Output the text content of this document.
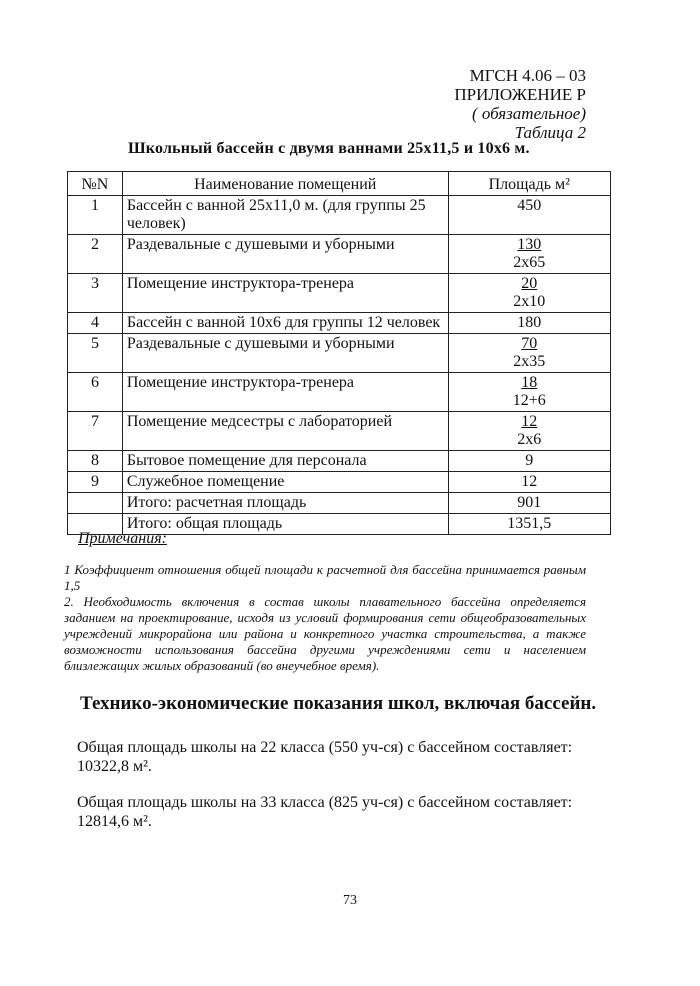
МГСН 4.06 – 03
ПРИЛОЖЕНИЕ Р
( обязательное)
Таблица 2
Школьный бассейн с двумя ваннами 25х11,5 и 10х6 м.
№N	Наименование помещений	Площадь м²
1	Бассейн с ванной 25х11,0 м. (для группы 25 человек)	450
2	Раздевальные с душевыми и уборными	130
2х65
3	Помещение инструктора-тренера	20
2х10
4	Бассейн с ванной 10х6 для группы 12 человек	180
5	Раздевальные с душевыми и уборными	70
2х35
6	Помещение инструктора-тренера	18
12+6
7	Помещение медсестры с лабораторией	12
2х6
8	Бытовое помещение для персонала	9
9	Служебное помещение	12
	Итого: расчетная площадь	901
	Итого: общая площадь	1351,5
Примечания:

1 Коэффициент отношения общей площади к расчетной для бассейна принимается равным 1,5

2. Необходимость включения в состав школы плавательного бассейна определяется заданием на проектирование, исходя из условий формирования сети общеобразовательных учреждений микрорайона или района и конкретного участка строительства, а также возможности использования бассейна другими учреждениями сети и населением близлежащих жилых образований (во внеучебное время).

Технико-экономические показания школ, включая бассейн.
Общая площадь школы на 22 класса (550 уч-ся) с бассейном составляет: 10322,8 м².
Общая площадь школы на 33 класса (825 уч-ся) с бассейном составляет: 12814,6 м².
73
